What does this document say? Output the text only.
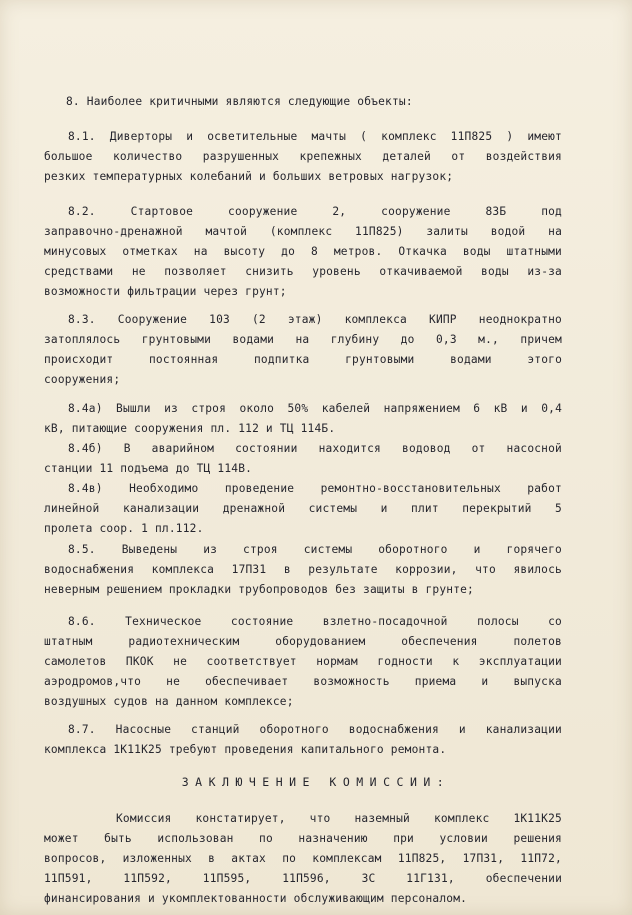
8. Наиболее критичными являются следующие объекты:
8.1. Диверторы и осветительные мачты ( комплекс 11П825 ) имеют
большое количество разрушенных крепежных деталей от воздействия
резких температурных колебаний и больших ветровых нагрузок;
8.2. Стартовое сооружение 2, сооружение 83Б под
заправочно-дренажной мачтой (комплекс 11П825) залиты водой на
минусовых отметках на высоту до 8 метров. Откачка воды штатными
средствами не позволяет снизить уровень откачиваемой воды из-за
возможности фильтрации через грунт;
8.3. Сооружение 103 (2 этаж) комплекса КИПР неоднократно
затоплялось грунтовыми водами на глубину до 0,3 м., причем
происходит постоянная подпитка грунтовыми водами этого
сооружения;
8.4а) Вышли из строя около 50% кабелей напряжением 6 кВ и 0,4
кВ, питающие сооружения пл. 112 и ТЦ 114Б.
8.4б) В аварийном состоянии находится водовод от насосной
станции 11 подъема до ТЦ 114В.
8.4в) Необходимо проведение ремонтно-восстановительных работ
линейной канализации дренажной системы и плит перекрытий 5
пролета соор. 1 пл.112.
8.5. Выведены из строя системы оборотного и горячего
водоснабжения комплекса 17П31 в результате коррозии, что явилось
неверным решением прокладки трубопроводов без защиты в грунте;
8.6. Техническое состояние взлетно-посадочной полосы со
штатным радиотехническим оборудованием обеспечения полетов
самолетов ПКОК не соответствует нормам годности к эксплуатации
аэродромов,что не обеспечивает возможность приема и выпуска
воздушных судов на данном комплексе;
8.7. Насосные станций оборотного водоснабжения и канализации
комплекса 1К11К25 требуют проведения капитального ремонта.
ЗАКЛЮЧЕНИЕ КОМИССИИ:
Комиссия констатирует, что наземный комплекс 1К11К25
может быть использован по назначению при условии решения
вопросов, изложенных в актах по комплексам 11П825, 17П31, 11П72,
11П591, 11П592, 11П595, 11П596, ЗС 11Г131, обеспечении
финансирования и укомплектованности обслуживающим персоналом.
